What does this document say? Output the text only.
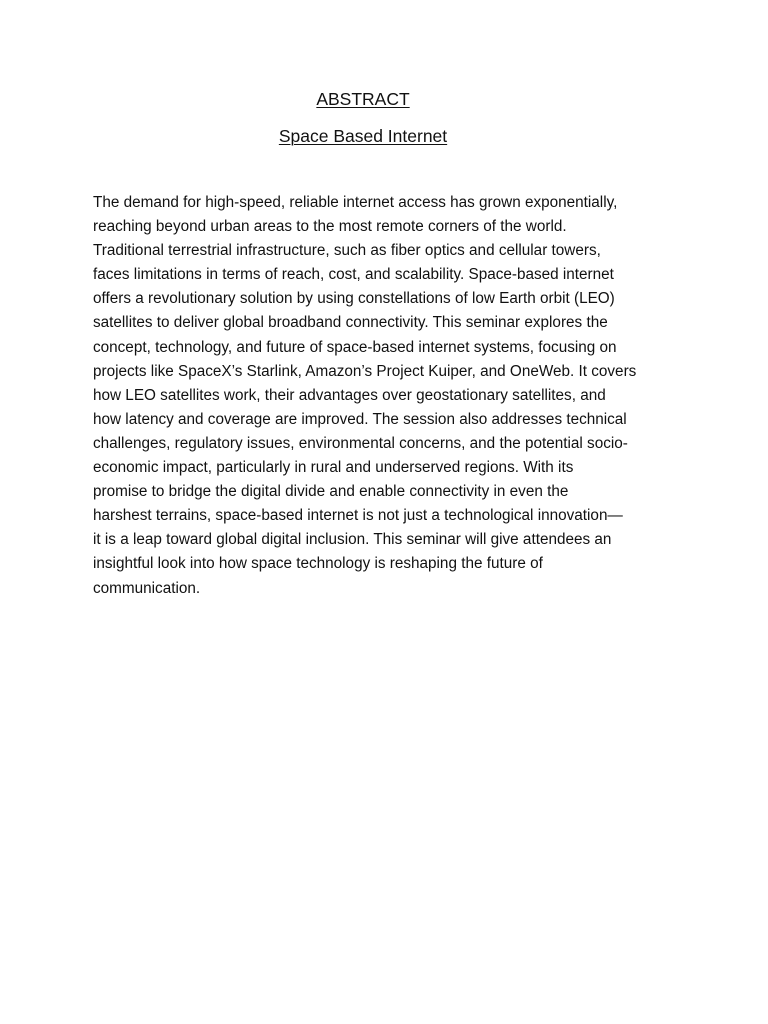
ABSTRACT
Space Based Internet

The demand for high-speed, reliable internet access has grown exponentially,
reaching beyond urban areas to the most remote corners of the world.
Traditional terrestrial infrastructure, such as fiber optics and cellular towers,
faces limitations in terms of reach, cost, and scalability. Space-based internet
offers a revolutionary solution by using constellations of low Earth orbit (LEO)
satellites to deliver global broadband connectivity. This seminar explores the
concept, technology, and future of space-based internet systems, focusing on
projects like SpaceX’s Starlink, Amazon’s Project Kuiper, and OneWeb. It covers
how LEO satellites work, their advantages over geostationary satellites, and
how latency and coverage are improved. The session also addresses technical
challenges, regulatory issues, environmental concerns, and the potential socio-
economic impact, particularly in rural and underserved regions. With its
promise to bridge the digital divide and enable connectivity in even the
harshest terrains, space-based internet is not just a technological innovation—
it is a leap toward global digital inclusion. This seminar will give attendees an
insightful look into how space technology is reshaping the future of
communication.
